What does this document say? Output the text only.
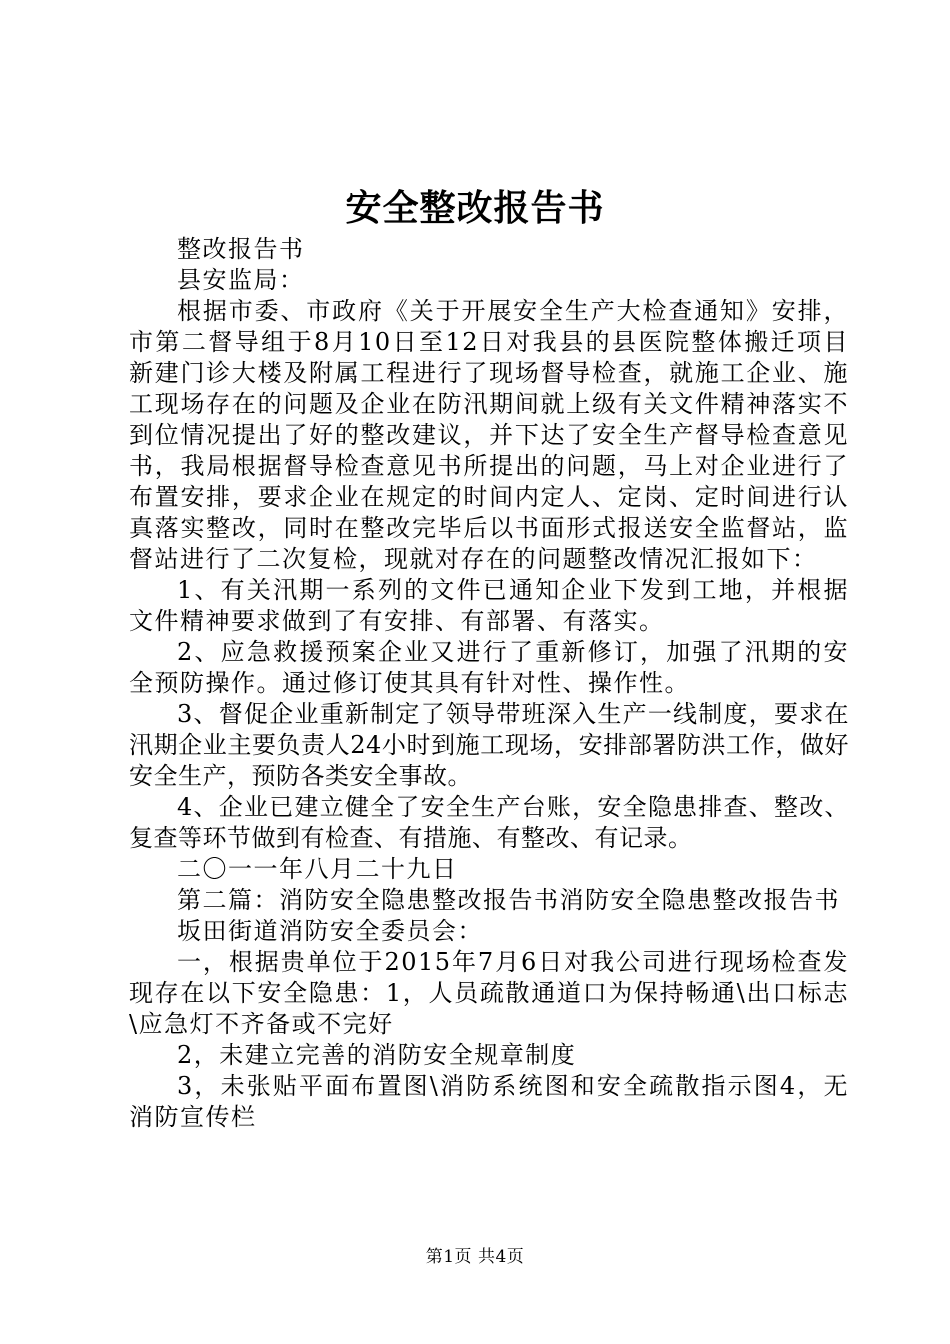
安全整改报告书

整改报告书

县安监局：

根据市委、市政府《关于开展安全生产大检查通知》安排，市第二督导组于8月10日至12日对我县的县医院整体搬迁项目新建门诊大楼及附属工程进行了现场督导检查，就施工企业、施工现场存在的问题及企业在防汛期间就上级有关文件精神落实不到位情况提出了好的整改建议，并下达了安全生产督导检查意见书，我局根据督导检查意见书所提出的问题，马上对企业进行了布置安排，要求企业在规定的时间内定人、定岗、定时间进行认真落实整改，同时在整改完毕后以书面形式报送安全监督站，监督站进行了二次复检，现就对存在的问题整改情况汇报如下：

1、有关汛期一系列的文件已通知企业下发到工地，并根据文件精神要求做到了有安排、有部署、有落实。

2、应急救援预案企业又进行了重新修订，加强了汛期的安全预防操作。通过修订使其具有针对性、操作性。

3、督促企业重新制定了领导带班深入生产一线制度，要求在汛期企业主要负责人24小时到施工现场，安排部署防洪工作，做好安全生产，预防各类安全事故。

4、企业已建立健全了安全生产台账，安全隐患排查、整改、复查等环节做到有检查、有措施、有整改、有记录。

二〇一一年八月二十九日

第二篇：消防安全隐患整改报告书消防安全隐患整改报告书

坂田街道消防安全委员会：

一，根据贵单位于2015年7月6日对我公司进行现场检查发现存在以下安全隐患：1，人员疏散通道口为保持畅通\出口标志\应急灯不齐备或不完好

2，未建立完善的消防安全规章制度

3，未张贴平面布置图\消防系统图和安全疏散指示图4，无消防宣传栏

第1页 共4页
